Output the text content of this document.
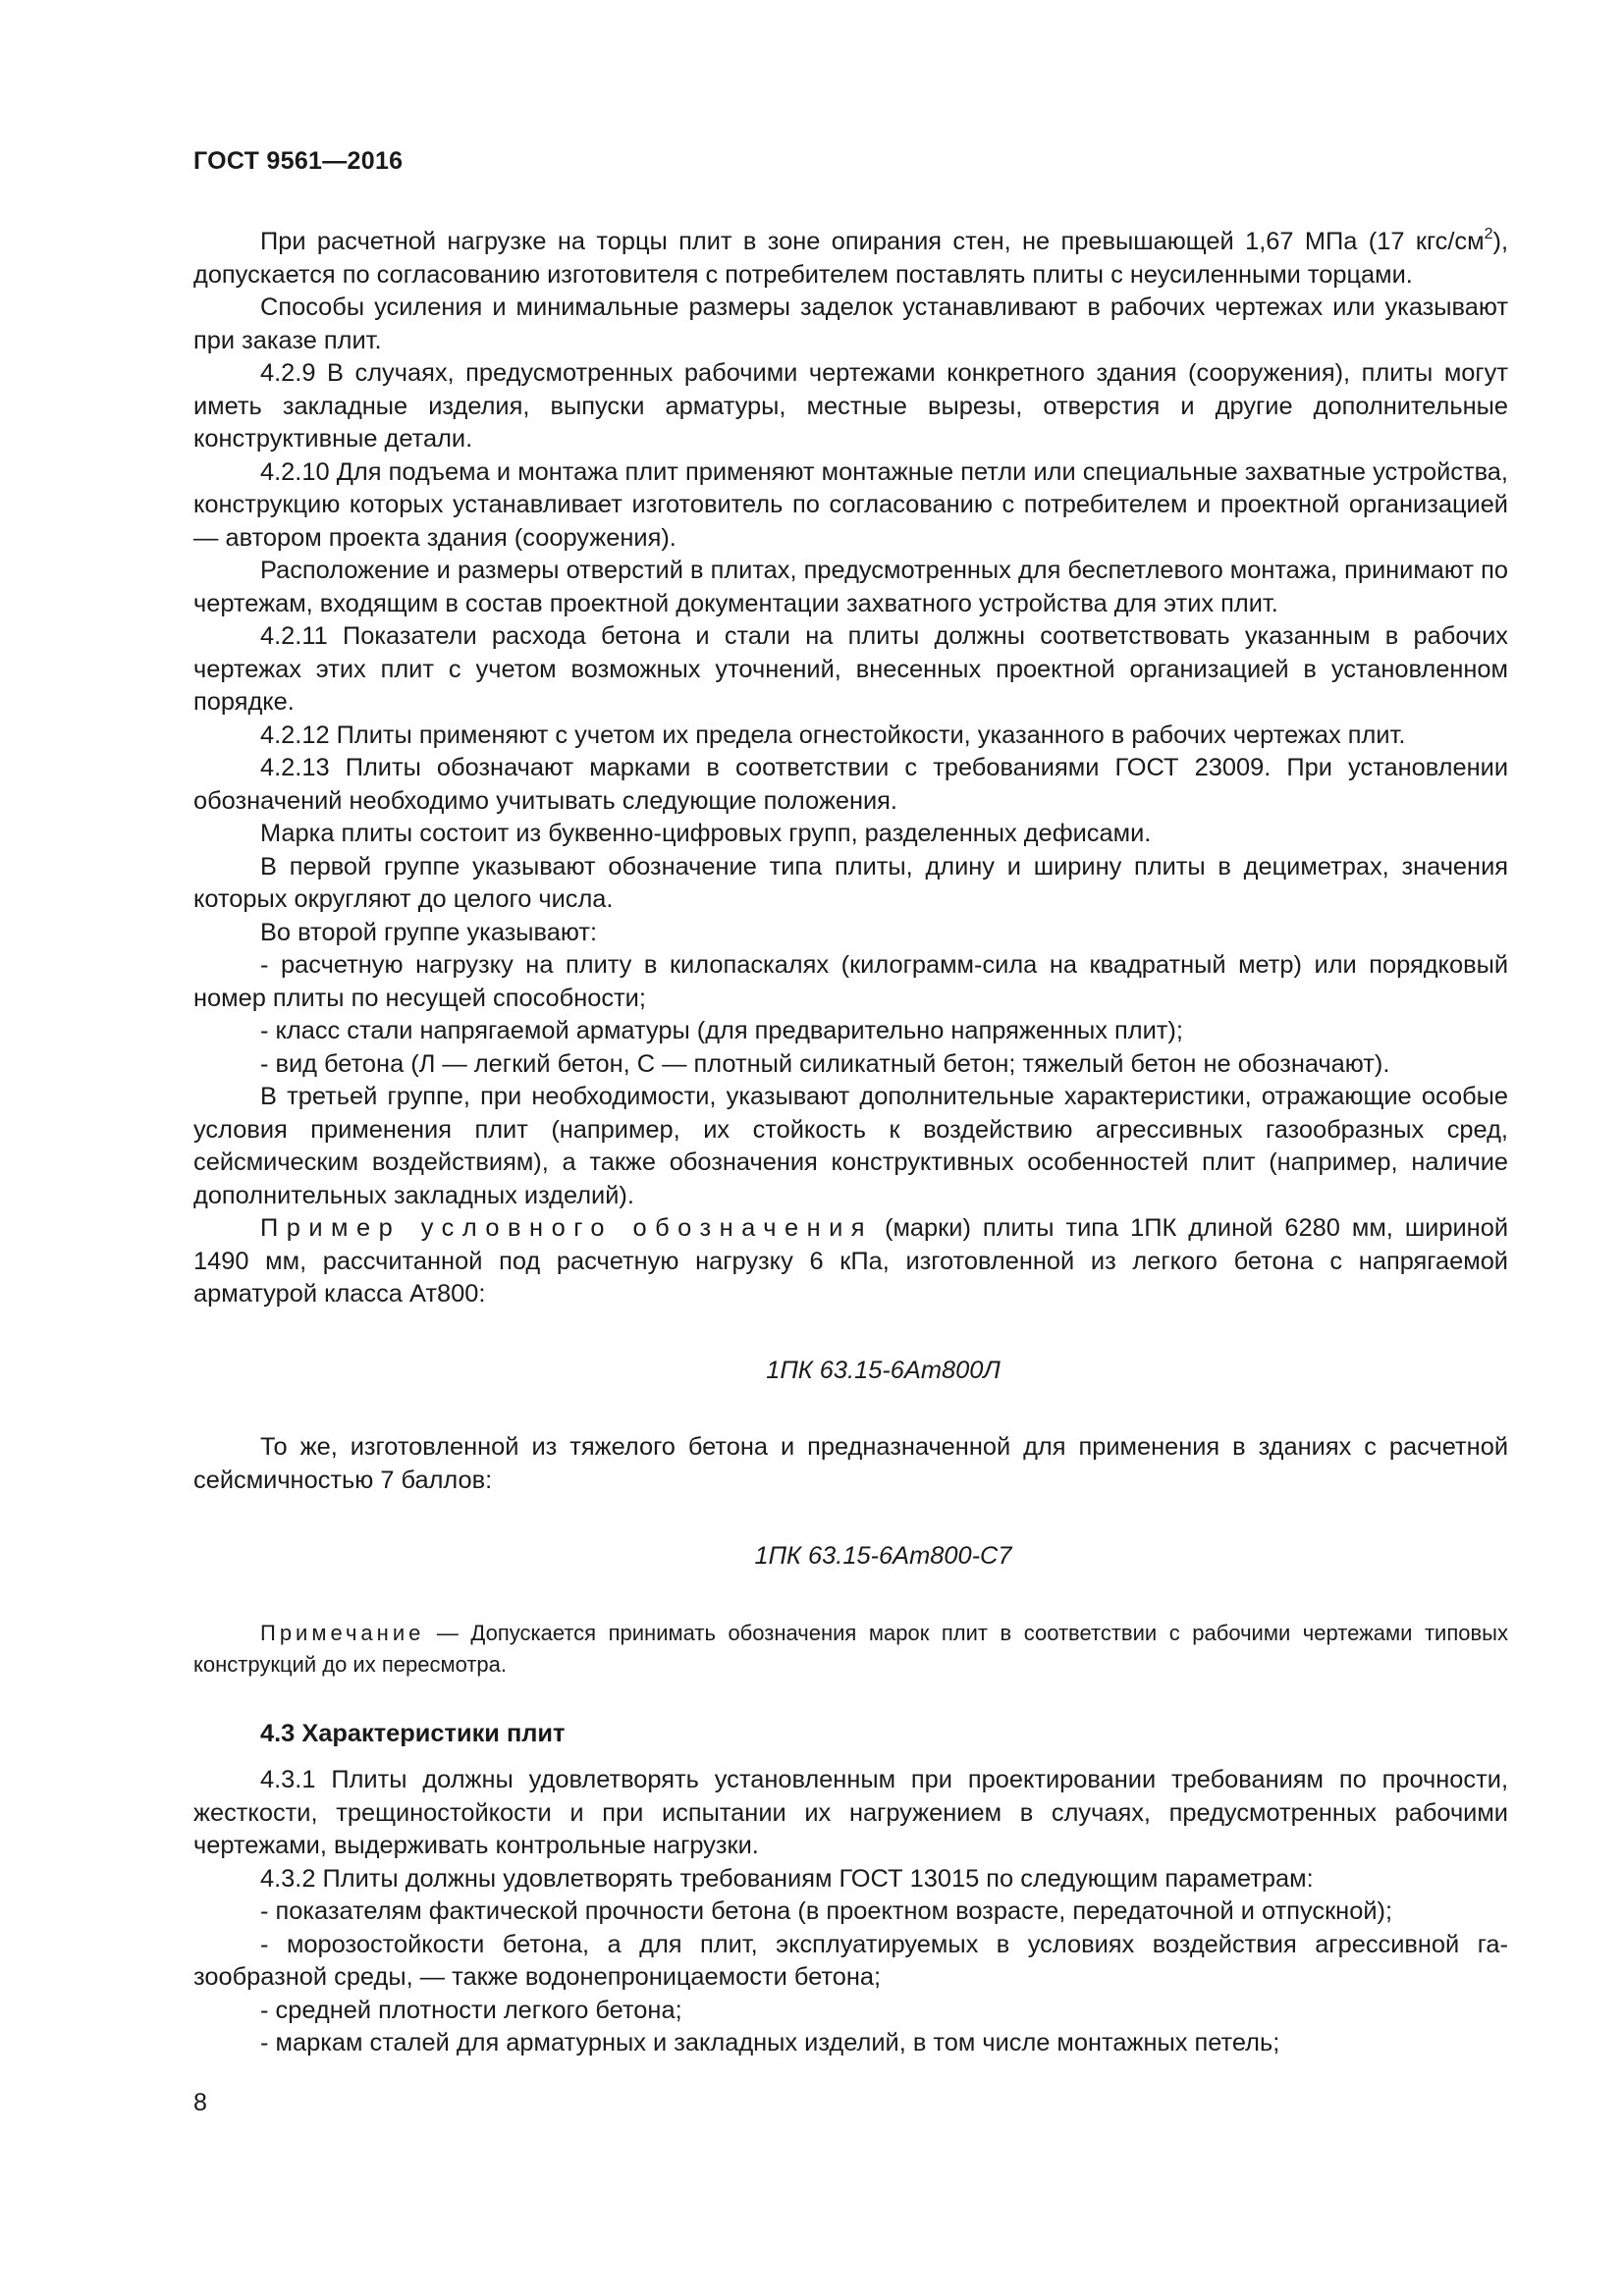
ГОСТ 9561—2016

При расчетной нагрузке на торцы плит в зоне опирания стен, не превышающей 1,67 МПа (17 кгс/$см^2$), допускается по согласованию изготовителя с потребителем поставлять плиты с неусиленными торцами.

Способы усиления и минимальные размеры заделок устанавливают в рабочих чертежах или указывают при заказе плит.

4.2.9 В случаях, предусмотренных рабочими чертежами конкретного здания (сооружения), плиты могут иметь закладные изделия, выпуски арматуры, местные вырезы, отверстия и другие дополнительные конструктивные детали.

4.2.10 Для подъема и монтажа плит применяют монтажные петли или специальные захватные устройства, конструкцию которых устанавливает изготовитель по согласованию с потребителем и проектной организацией — автором проекта здания (сооружения).

Расположение и размеры отверстий в плитах, предусмотренных для беспетлевого монтажа, принимают по чертежам, входящим в состав проектной документации захватного устройства для этих плит.

4.2.11 Показатели расхода бетона и стали на плиты должны соответствовать указанным в рабочих чертежах этих плит с учетом возможных уточнений, внесенных проектной организацией в установленном порядке.

4.2.12 Плиты применяют с учетом их предела огнестойкости, указанного в рабочих чертежах плит.

4.2.13 Плиты обозначают марками в соответствии с требованиями ГОСТ 23009. При установлении обозначений необходимо учитывать следующие положения.

Марка плиты состоит из буквенно-цифровых групп, разделенных дефисами.

В первой группе указывают обозначение типа плиты, длину и ширину плиты в дециметрах, значения которых округляют до целого числа.

Во второй группе указывают:

- расчетную нагрузку на плиту в килопаскалях (килограмм-сила на квадратный метр) или порядковый номер плиты по несущей способности;

- класс стали напрягаемой арматуры (для предварительно напряженных плит);

- вид бетона (Л — легкий бетон, С — плотный силикатный бетон; тяжелый бетон не обозначают).

В третьей группе, при необходимости, указывают дополнительные характеристики, отражающие особые условия применения плит (например, их стойкость к воздействию агрессивных газообразных сред, сейсмическим воздействиям), а также обозначения конструктивных особенностей плит (например, наличие дополнительных закладных изделий).

Пример условного обозначения (марки) плиты типа 1ПК длиной 6280 мм, шириной 1490 мм, рассчитанной под расчетную нагрузку 6 кПа, изготовленной из легкого бетона с напрягаемой арматурой класса Ат800:

1ПК 63.15-6Ат800Л

То же, изготовленной из тяжелого бетона и предназначенной для применения в зданиях с расчетной сейсмичностью 7 баллов:

1ПК 63.15-6Ат800-С7
Примечание — Допускается принимать обозначения марок плит в соответствии с рабочими чертежами типовых конструкций до их пересмотра.
4.3 Характеристики плит

4.3.1 Плиты должны удовлетворять установленным при проектировании требованиям по прочности, жесткости, трещиностойкости и при испытании их нагружением в случаях, предусмотренных рабочими чертежами, выдерживать контрольные нагрузки.

4.3.2 Плиты должны удовлетворять требованиям ГОСТ 13015 по следующим параметрам:

- показателям фактической прочности бетона (в проектном возрасте, передаточной и отпускной);

- морозостойкости бетона, а для плит, эксплуатируемых в условиях воздействия агрессивной газообразной среды, — также водонепроницаемости бетона;

- средней плотности легкого бетона;

- маркам сталей для арматурных и закладных изделий, в том числе монтажных петель;

8
